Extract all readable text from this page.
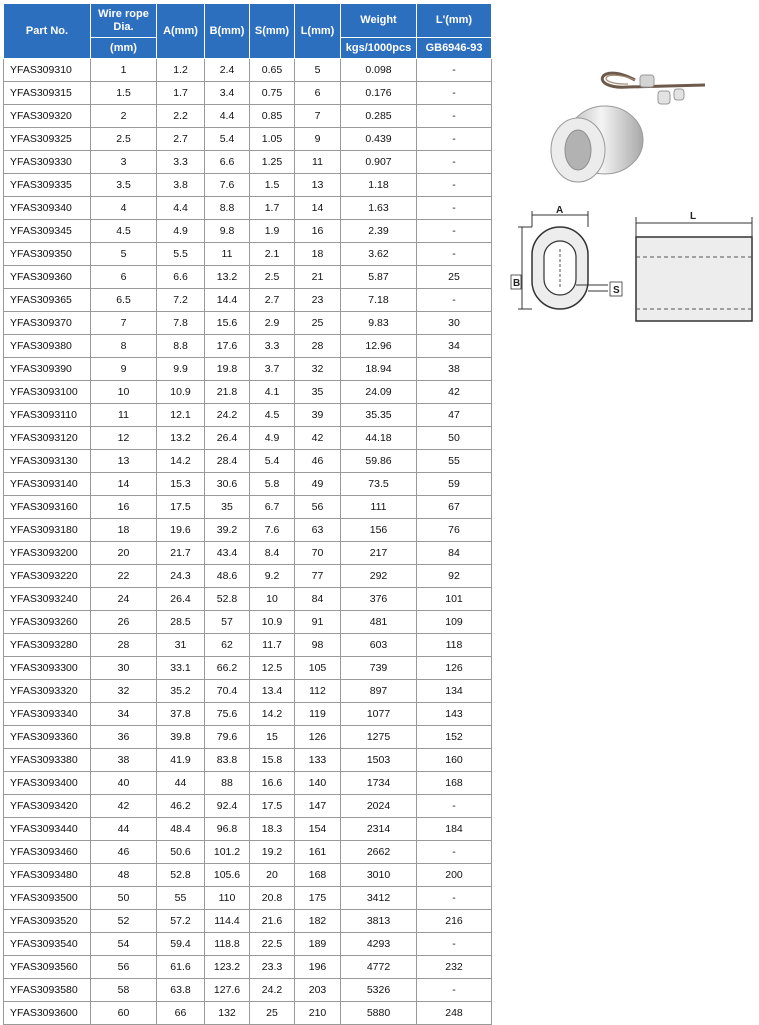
Part No.	Wire rope Dia.	A(mm)	B(mm)	S(mm)	L(mm)	Weight	L'(mm)
	(mm)					kgs/1000pcs	GB6946-93
YFAS309310	1	1.2	2.4	0.65	5	0.098	-
YFAS309315	1.5	1.7	3.4	0.75	6	0.176	-
YFAS309320	2	2.2	4.4	0.85	7	0.285	-
YFAS309325	2.5	2.7	5.4	1.05	9	0.439	-
YFAS309330	3	3.3	6.6	1.25	11	0.907	-
YFAS309335	3.5	3.8	7.6	1.5	13	1.18	-
YFAS309340	4	4.4	8.8	1.7	14	1.63	-
YFAS309345	4.5	4.9	9.8	1.9	16	2.39	-
YFAS309350	5	5.5	11	2.1	18	3.62	-
YFAS309360	6	6.6	13.2	2.5	21	5.87	25
YFAS309365	6.5	7.2	14.4	2.7	23	7.18	-
YFAS309370	7	7.8	15.6	2.9	25	9.83	30
YFAS309380	8	8.8	17.6	3.3	28	12.96	34
YFAS309390	9	9.9	19.8	3.7	32	18.94	38
YFAS3093100	10	10.9	21.8	4.1	35	24.09	42
YFAS3093110	11	12.1	24.2	4.5	39	35.35	47
YFAS3093120	12	13.2	26.4	4.9	42	44.18	50
YFAS3093130	13	14.2	28.4	5.4	46	59.86	55
YFAS3093140	14	15.3	30.6	5.8	49	73.5	59
YFAS3093160	16	17.5	35	6.7	56	111	67
YFAS3093180	18	19.6	39.2	7.6	63	156	76
YFAS3093200	20	21.7	43.4	8.4	70	217	84
YFAS3093220	22	24.3	48.6	9.2	77	292	92
YFAS3093240	24	26.4	52.8	10	84	376	101
YFAS3093260	26	28.5	57	10.9	91	481	109
YFAS3093280	28	31	62	11.7	98	603	118
YFAS3093300	30	33.1	66.2	12.5	105	739	126
YFAS3093320	32	35.2	70.4	13.4	112	897	134
YFAS3093340	34	37.8	75.6	14.2	119	1077	143
YFAS3093360	36	39.8	79.6	15	126	1275	152
YFAS3093380	38	41.9	83.8	15.8	133	1503	160
YFAS3093400	40	44	88	16.6	140	1734	168
YFAS3093420	42	46.2	92.4	17.5	147	2024	-
YFAS3093440	44	48.4	96.8	18.3	154	2314	184
YFAS3093460	46	50.6	101.2	19.2	161	2662	-
YFAS3093480	48	52.8	105.6	20	168	3010	200
YFAS3093500	50	55	110	20.8	175	3412	-
YFAS3093520	52	57.2	114.4	21.6	182	3813	216
YFAS3093540	54	59.4	118.8	22.5	189	4293	-
YFAS3093560	56	61.6	123.2	23.3	196	4772	232
YFAS3093580	58	63.8	127.6	24.2	203	5326	-
YFAS3093600	60	66	132	25	210	5880	248
A
B
S
L
